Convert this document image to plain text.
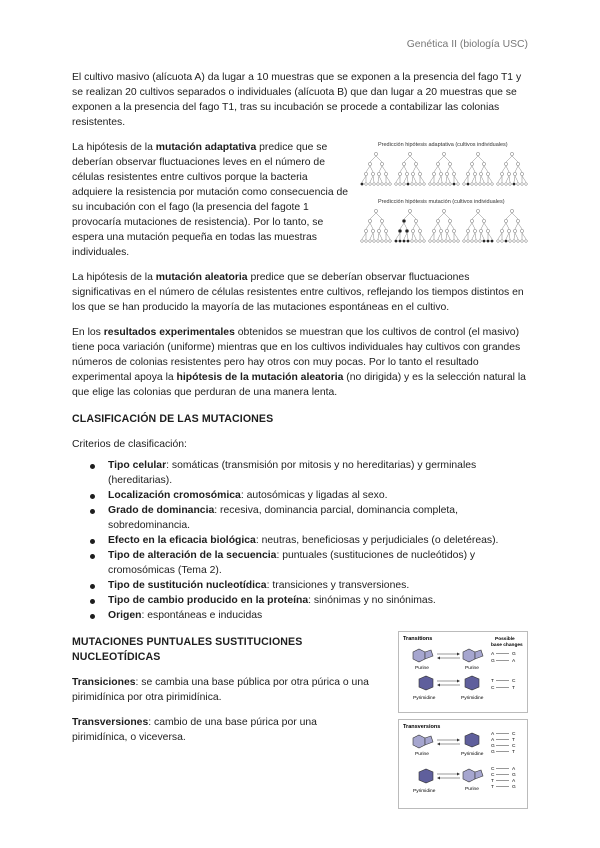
Genética II (biología USC)

El cultivo masivo (alícuota A) da lugar a 10 muestras que se exponen a la presencia del fago T1 y se realizan 20 cultivos separados o individuales (alícuota B) que dan lugar a 20 muestras que se exponen a la presencia del fago T1, tras su incubación se procede a contabilizar las colonias resistentes.

La hipótesis de la mutación adaptativa predice que se deberían observar fluctuaciones leves en el número de células resistentes entre cultivos porque la bacteria adquiere la resistencia por mutación como consecuencia de su incubación con el fago (la presencia del fagote 1 provocaría mutaciones de resistencia). Por lo tanto, se espera una mutación pequeña en todas las muestras individuales.

Predicción hipótesis adaptativa (cultivos individuales)
Predicción hipótesis mutación (cultivos individuales)

La hipótesis de la mutación aleatoria predice que se deberían observar fluctuaciones significativas en el número de células resistentes entre cultivos, reflejando los tiempos distintos en los que se han producido la mayoría de las mutaciones espontáneas en el cultivo.

En los resultados experimentales obtenidos se muestran que los cultivos de control (el masivo) tiene poca variación (uniforme) mientras que en los cultivos individuales hay cultivos con grandes números de colonias resistentes pero hay otros con muy pocas. Por lo tanto el resultado experimental apoya la hipótesis de la mutación aleatoria (no dirigida) y es la selección natural la que elige las colonias que perduran de una manera lenta.

CLASIFICACIÓN DE LAS MUTACIONES

Criterios de clasificación:

Tipo celular: somáticas (transmisión por mitosis y no hereditarias) y germinales (hereditarias).
Localización cromosómica: autosómicas y ligadas al sexo.
Grado de dominancia: recesiva, dominancia parcial, dominancia completa, sobredominancia.
Efecto en la eficacia biológica: neutras, beneficiosas y perjudiciales (o deletéreas).
Tipo de alteración de la secuencia: puntuales (sustituciones de nucleótidos) y cromosómicas (Tema 2).
Tipo de sustitución nucleotídica: transiciones y transversiones.
Tipo de cambio producido en la proteína: sinónimas y no sinónimas.
Origen: espontáneas e inducidas
MUTACIONES PUNTUALES SUSTITUCIONES NUCLEOTÍDICAS

Transiciones: se cambia una base pública por otra púrica o una pirimidínica por otra pirimidínica.

Transversiones: cambio de una base púrica por una pirimidínica, o viceversa.

Transitions	Possible
base changes
Purine	Purine
A	G
G	A
Pyrimidine	Pyrimidine
T	C
C	T
Transversions
Purine	Pyrimidine
A	C
A	T
G	C
G	T
Pyrimidine	Purine
C	A
C	G
T	A
T	G
